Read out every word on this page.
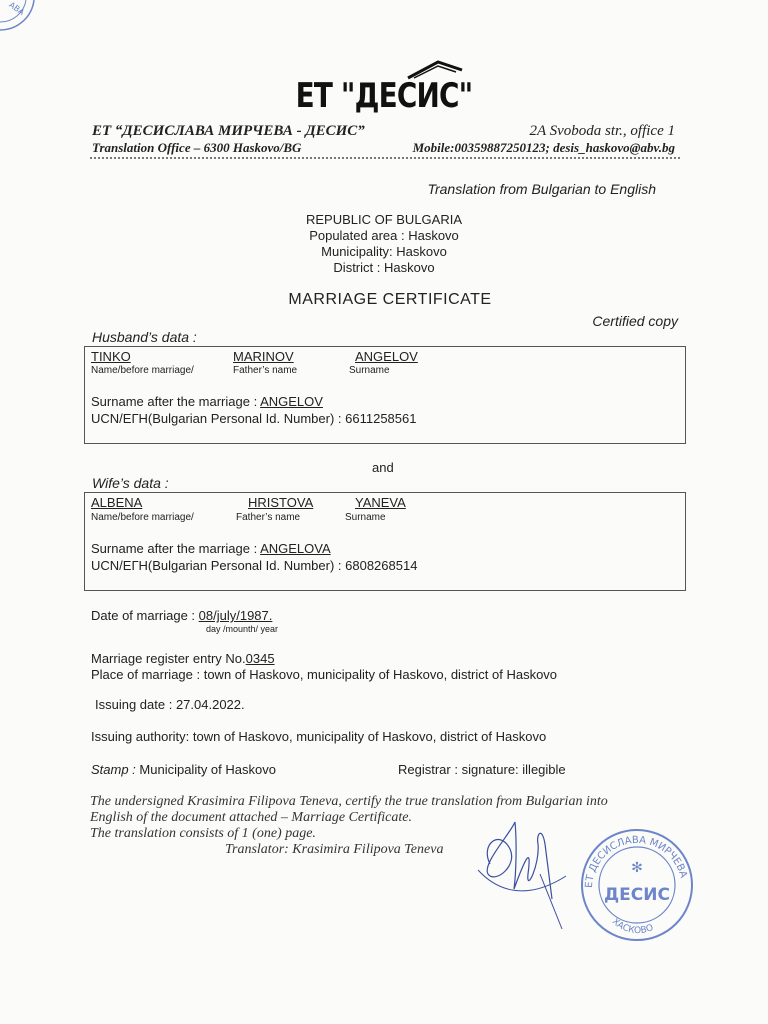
АВА
ЕТ "ДЕСИС"
ЕТ “ДЕСИСЛАВА МИРЧЕВА - ДЕСИС”
Translation Office – 6300 Haskovo/BG
2A Svoboda str., office 1
Mobile:00359887250123; desis_haskovo@abv.bg
Translation from Bulgarian to English
REPUBLIC OF BULGARIA
Populated area : Haskovo
Municipality: Haskovo
District : Haskovo
MARRIAGE CERTIFICATE
Certified copy
Husband’s data :
TINKO	MARINOV	ANGELOV
Name/before marriage/	Father’s name	Surname
Surname after the marriage : ANGELOV
UCN/ЕГН(Bulgarian Personal Id. Number) : 6611258561
and
Wife’s data :
ALBENA	HRISTOVA	YANEVA
Name/before marriage/	Father’s name	Surname
Surname after the marriage : ANGELOVA
UCN/ЕГН(Bulgarian Personal Id. Number) : 6808268514
Date of marriage : 08/july/1987.
day /mounth/ year
Marriage register entry No.0345
Place of marriage : town of Haskovo, municipality of Haskovo, district of Haskovo
Issuing date : 27.04.2022.
Issuing authority: town of Haskovo, municipality of Haskovo, district of Haskovo
Stamp : Municipality of Haskovo	Registrar : signature: illegible
The undersigned Krasimira Filipova Teneva, certify the true translation from Bulgarian into
English of the document attached – Marriage Certificate.
The translation consists of 1 (one) page.
Translator: Krasimira Filipova Teneva
ЕТ ДЕСИСЛАВА МИРЧЕВА
ХАСКОВО
✻
ДЕСИС
